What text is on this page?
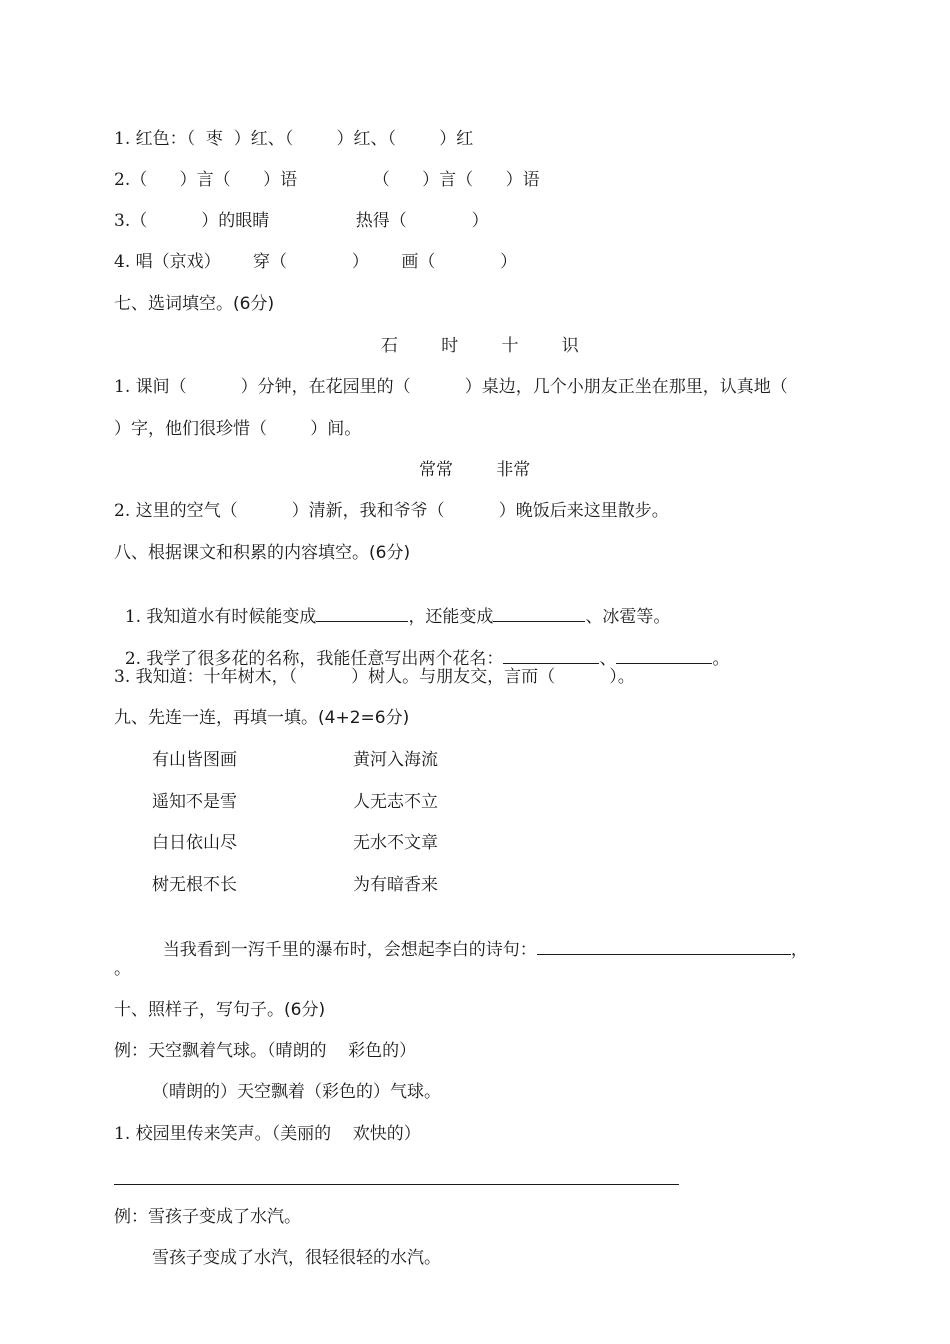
1. 红色：（  枣  ）红、（        ）红、（        ）红
2.（      ）言（      ）语              （      ）言（      ）语
3.（          ）的眼睛                热得（            ）
4. 唱（京戏）      穿（            ）      画（            ）
七、选词填空。(6分)
石        时        十        识
1. 课间（          ）分钟，在花园里的（          ）桌边，几个小朋友正坐在那里，认真地（
）字，他们很珍惜（        ）间。
常常        非常
2. 这里的空气（          ）清新，我和爷爷（          ）晚饭后来这里散步。
八、根据课文和积累的内容填空。(6分)

1. 我知道水有时候能变成	，还能变成	、冰雹等。

2. 我学了很多花的名称，我能任意写出两个花名：	、	。

3. 我知道：十年树木，（          ）树人。与朋友交，言而（          ）。
九、先连一连，再填一填。(4+2=6分)
有山皆图画	黄河入海流
遥知不是雪	人无志不立
白日依山尽	无水不文章
树无根不长	为有暗香来

当我看到一泻千里的瀑布时，会想起李白的诗句：	，

。
十、照样子，写句子。(6分)
例：天空飘着气球。（晴朗的    彩色的）
（晴朗的）天空飘着（彩色的）气球。
1. 校园里传来笑声。（美丽的    欢快的）
例：雪孩子变成了水汽。
雪孩子变成了水汽，很轻很轻的水汽。
